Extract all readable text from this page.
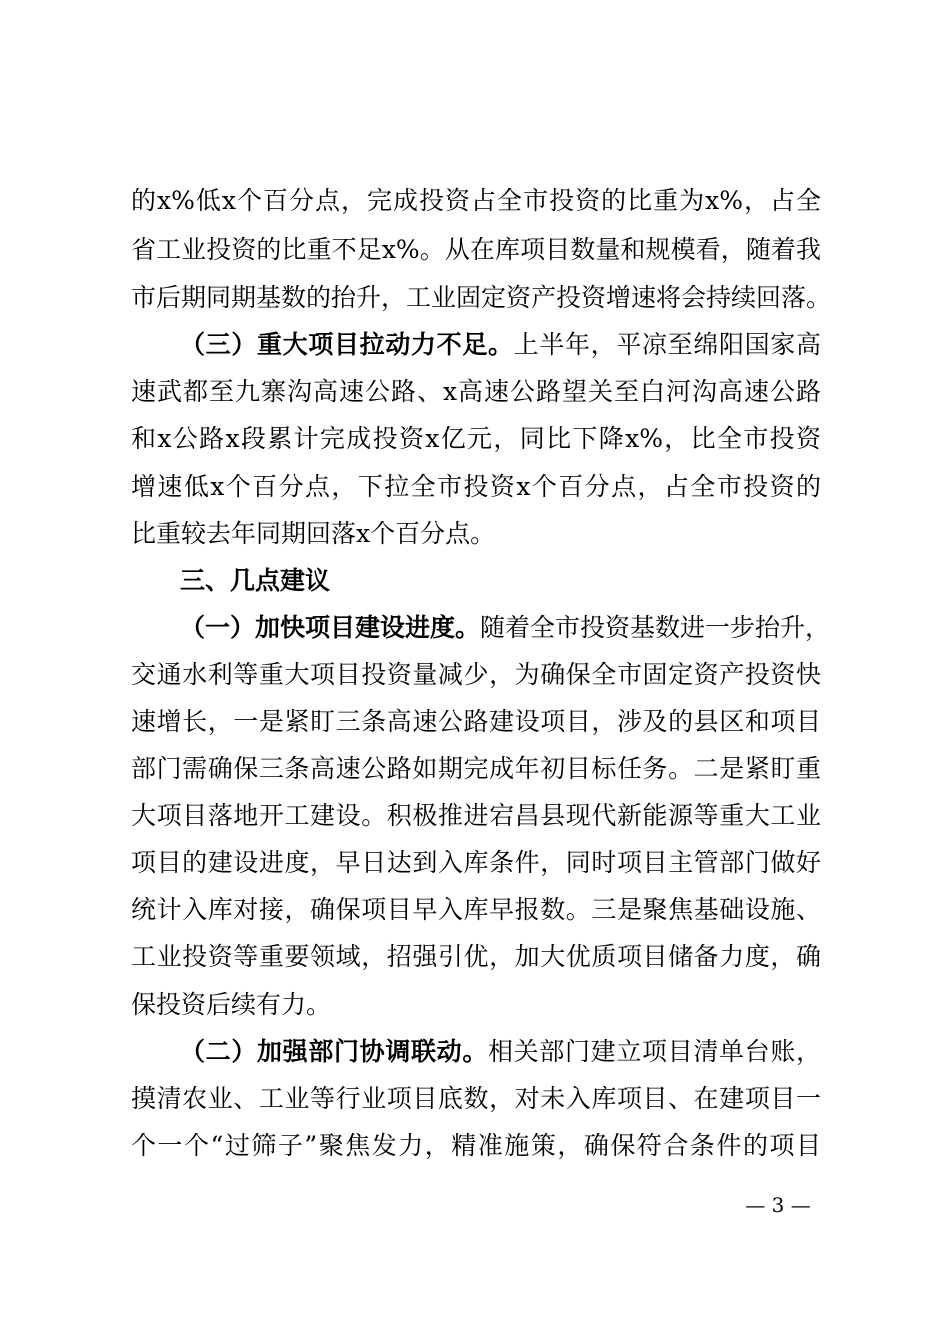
的x%低x个百分点，完成投资占全市投资的比重为x%，占全
省工业投资的比重不足x%。从在库项目数量和规模看，随着我
市后期同期基数的抬升，工业固定资产投资增速将会持续回落。
（三）重大项目拉动力不足。上半年，平凉至绵阳国家高
速武都至九寨沟高速公路、x高速公路望关至白河沟高速公路
和x公路x段累计完成投资x亿元，同比下降x%，比全市投资
增速低x个百分点，下拉全市投资x个百分点，占全市投资的
比重较去年同期回落x个百分点。
三、几点建议
（一）加快项目建设进度。随着全市投资基数进一步抬升，
交通水利等重大项目投资量减少，为确保全市固定资产投资快
速增长，一是紧盯三条高速公路建设项目，涉及的县区和项目
部门需确保三条高速公路如期完成年初目标任务。二是紧盯重
大项目落地开工建设。积极推进宕昌县现代新能源等重大工业
项目的建设进度，早日达到入库条件，同时项目主管部门做好
统计入库对接，确保项目早入库早报数。三是聚焦基础设施、
工业投资等重要领域，招强引优，加大优质项目储备力度，确
保投资后续有力。
（二）加强部门协调联动。相关部门建立项目清单台账，
摸清农业、工业等行业项目底数，对未入库项目、在建项目一
个一个“过筛子”聚焦发力，精准施策，确保符合条件的项目
— 3 —
